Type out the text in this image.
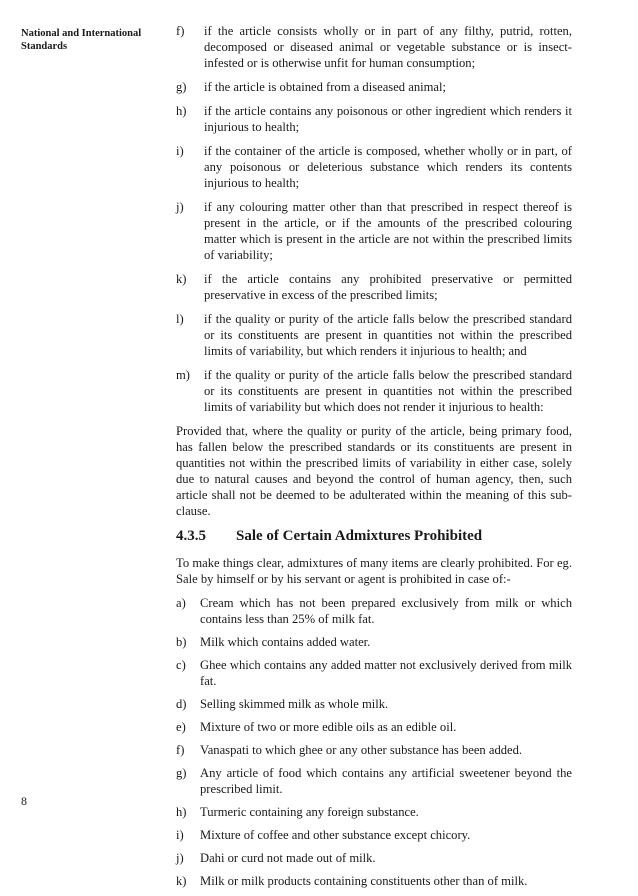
National and International Standards
f) if the article consists wholly or in part of any filthy, putrid, rotten, decomposed or diseased animal or vegetable substance or is insect-infested or is otherwise unfit for human consumption;
g) if the article is obtained from a diseased animal;
h) if the article contains any poisonous or other ingredient which renders it injurious to health;
i) if the container of the article is composed, whether wholly or in part, of any poisonous or deleterious substance which renders its contents injurious to health;
j) if any colouring matter other than that prescribed in respect thereof is present in the article, or if the amounts of the prescribed colouring matter which is present in the article are not within the prescribed limits of variability;
k) if the article contains any prohibited preservative or permitted preservative in excess of the prescribed limits;
l) if the quality or purity of the article falls below the prescribed standard or its constituents are present in quantities not within the prescribed limits of variability, but which renders it injurious to health; and
m) if the quality or purity of the article falls below the prescribed standard or its constituents are present in quantities not within the prescribed limits of variability but which does not render it injurious to health:

Provided that, where the quality or purity of the article, being primary food, has fallen below the prescribed standards or its constituents are present in quantities not within the prescribed limits of variability in either case, solely due to natural causes and beyond the control of human agency, then, such article shall not be deemed to be adulterated within the meaning of this sub-clause.

4.3.5 Sale of Certain Admixtures Prohibited

To make things clear, admixtures of many items are clearly prohibited. For eg. Sale by himself or by his servant or agent is prohibited in case of:-

a) Cream which has not been prepared exclusively from milk or which contains less than 25% of milk fat.
b) Milk which contains added water.
c) Ghee which contains any added matter not exclusively derived from milk fat.
d) Selling skimmed milk as whole milk.
e) Mixture of two or more edible oils as an edible oil.
f) Vanaspati to which ghee or any other substance has been added.
g) Any article of food which contains any artificial sweetener beyond the prescribed limit.
h) Turmeric containing any foreign substance.
i) Mixture of coffee and other substance except chicory.
j) Dahi or curd not made out of milk.
k) Milk or milk products containing constituents other than of milk.
8
